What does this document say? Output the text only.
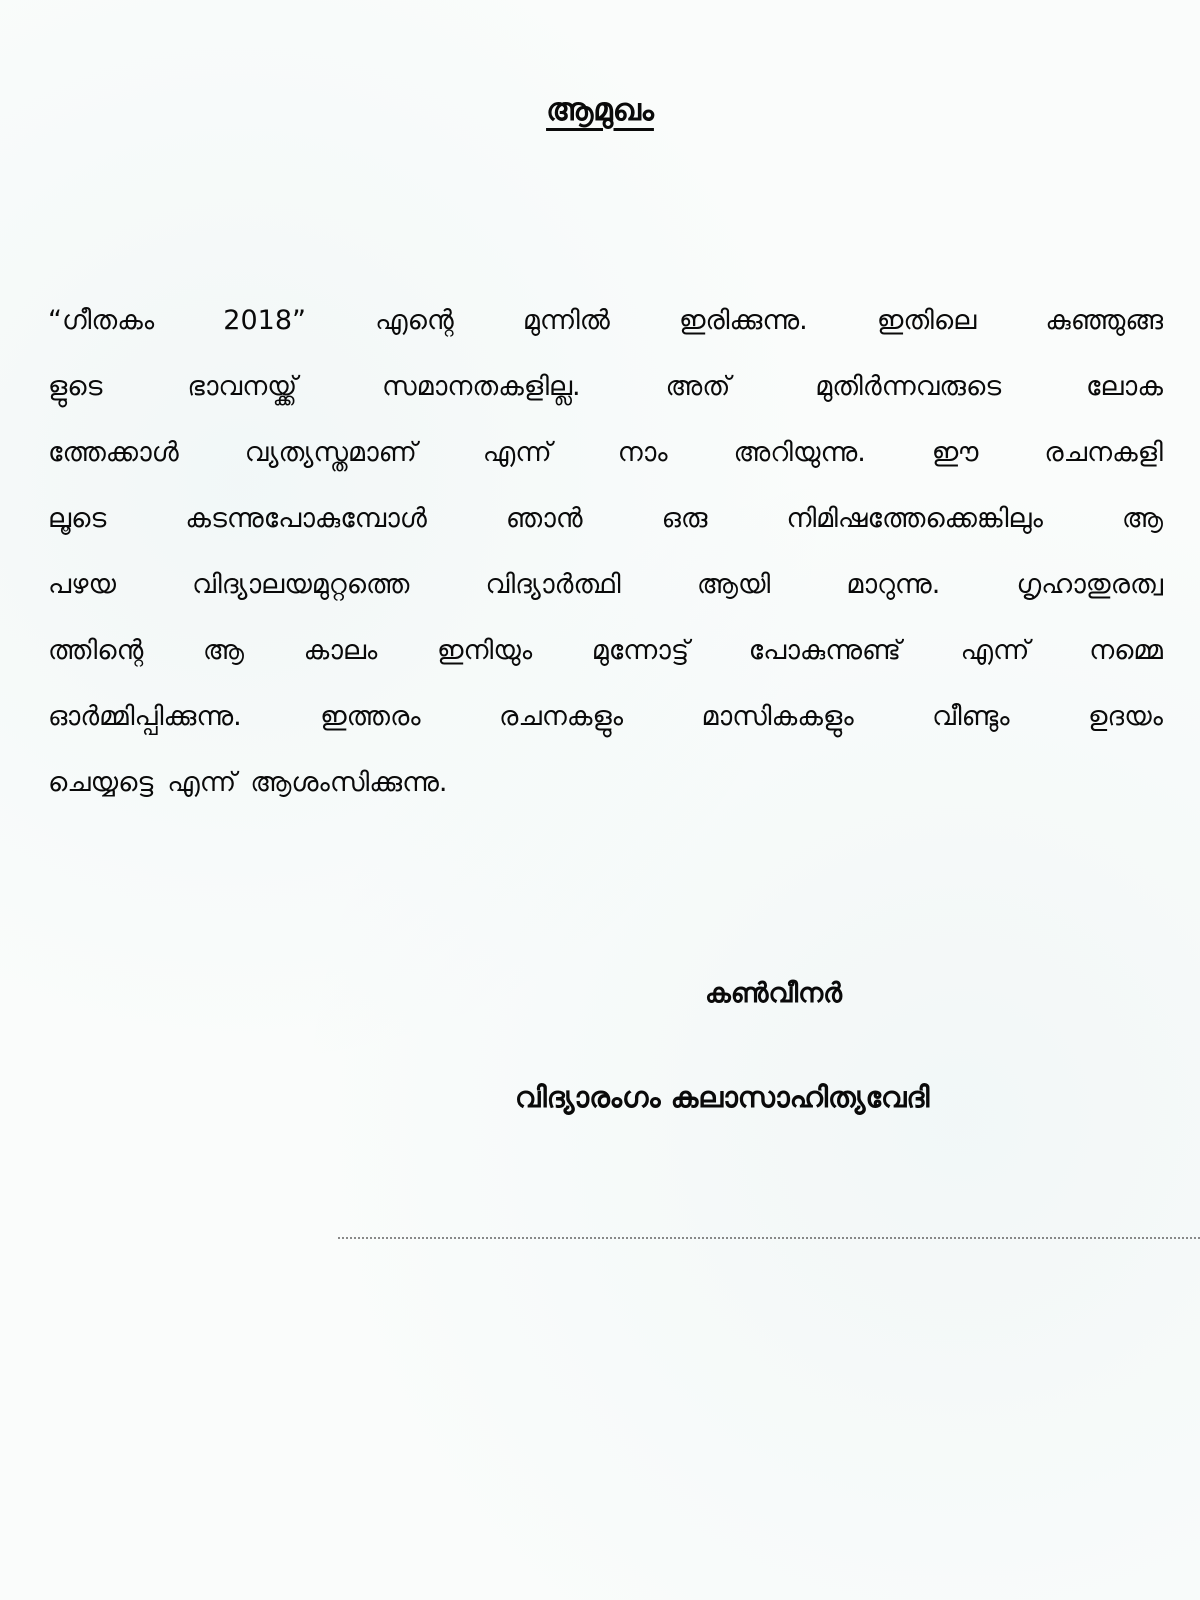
ആമുഖം
“ഗീതകം	2018”	എന്റെ	മുന്നിൽ	ഇരിക്കുന്നു.	ഇതിലെ	കുഞ്ഞുങ്ങ
ളുടെ	ഭാവനയ്ക്ക്	സമാനതകളില്ല.	അത്	മുതിർന്നവരുടെ	ലോക
ത്തേക്കാൾ വ്യത്യസ്തമാണ് എന്ന് നാം അറിയുന്നു. ഈ രചനകളി
ലൂടെ	കടന്നുപോകുമ്പോൾ	ഞാൻ	ഒരു	നിമിഷത്തേക്കെങ്കിലും	ആ
പഴയ	വിദ്യാലയമുറ്റത്തെ	വിദ്യാർത്ഥി	ആയി	മാറുന്നു.	ഗൃഹാതുരത്വ
ത്തിന്റെ ആ കാലം ഇനിയും മുന്നോട്ട് പോകുന്നുണ്ട് എന്ന് നമ്മെ
ഓർമ്മിപ്പിക്കുന്നു.	ഇത്തരം	രചനകളും	മാസികകളും	വീണ്ടും	ഉദയം
ചെയ്യട്ടെ എന്ന് ആശംസിക്കുന്നു.
കൺവീനർ
വിദ്യാരംഗം കലാസാഹിത്യവേദി
